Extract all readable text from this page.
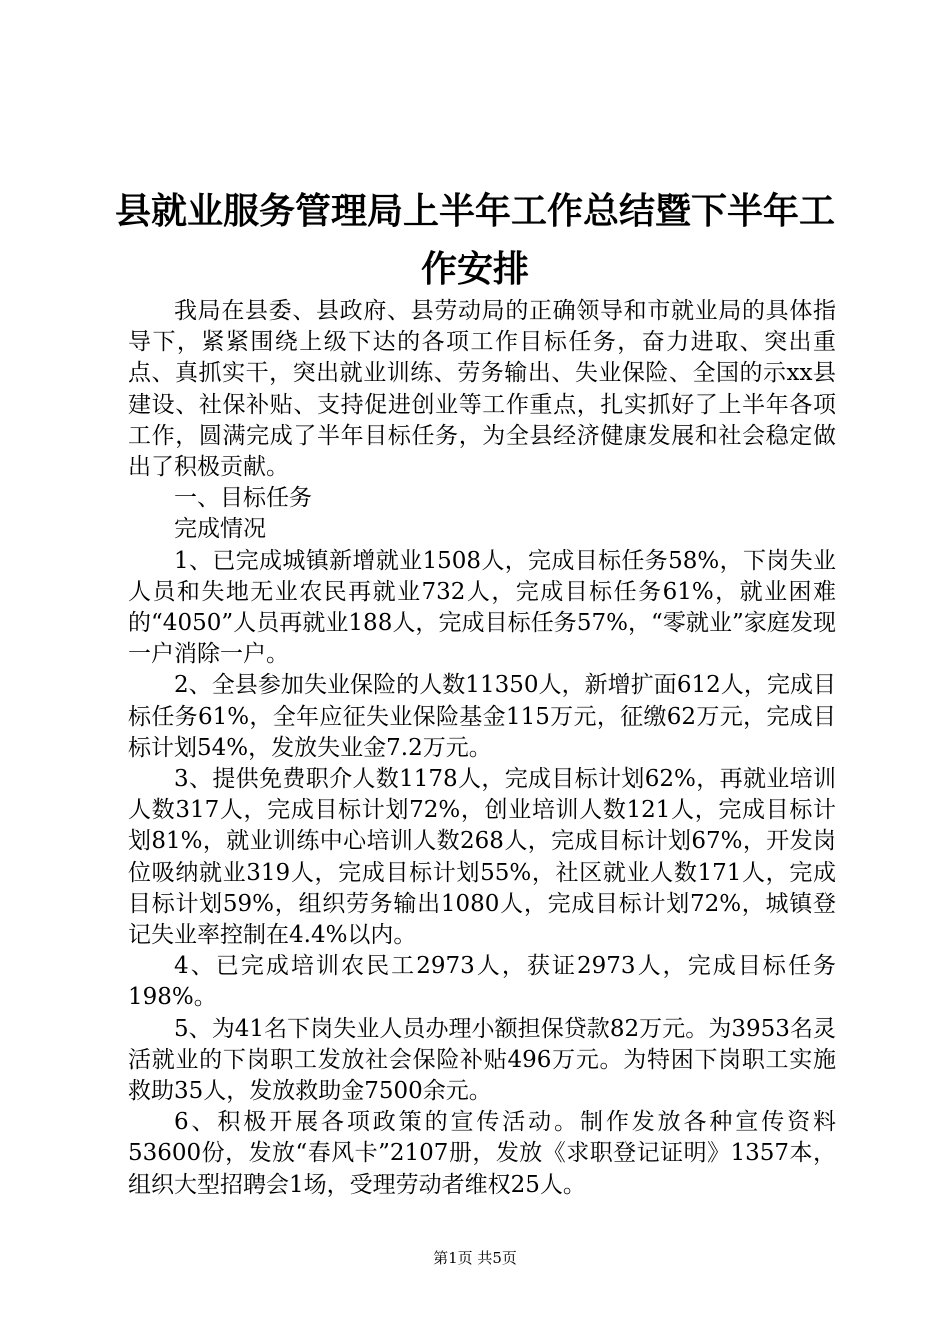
县就业服务管理局上半年工作总结暨下半年工作安排

我局在县委、县政府、县劳动局的正确领导和市就业局的具体指导下，紧紧围绕上级下达的各项工作目标任务，奋力进取、突出重点、真抓实干，突出就业训练、劳务输出、失业保险、全国的示xx县建设、社保补贴、支持促进创业等工作重点，扎实抓好了上半年各项工作，圆满完成了半年目标任务，为全县经济健康发展和社会稳定做出了积极贡献。

一、目标任务

完成情况

1、已完成城镇新增就业1508人，完成目标任务58%，下岗失业人员和失地无业农民再就业732人，完成目标任务61%，就业困难的“4050”人员再就业188人，完成目标任务57%，“零就业”家庭发现一户消除一户。

2、全县参加失业保险的人数11350人，新增扩面612人，完成目标任务61%，全年应征失业保险基金115万元，征缴62万元，完成目标计划54%，发放失业金7.2万元。

3、提供免费职介人数1178人，完成目标计划62%，再就业培训人数317人，完成目标计划72%，创业培训人数121人，完成目标计划81%，就业训练中心培训人数268人，完成目标计划67%，开发岗位吸纳就业319人，完成目标计划55%，社区就业人数171人，完成目标计划59%，组织劳务输出1080人，完成目标计划72%，城镇登记失业率控制在4.4%以内。

4、已完成培训农民工2973人，获证2973人，完成目标任务198%。

5、为41名下岗失业人员办理小额担保贷款82万元。为3953名灵活就业的下岗职工发放社会保险补贴496万元。为特困下岗职工实施救助35人，发放救助金7500余元。

6、积极开展各项政策的宣传活动。制作发放各种宣传资料53600份，发放“春风卡”2107册，发放《求职登记证明》1357本，组织大型招聘会1场，受理劳动者维权25人。

第1页 共5页
